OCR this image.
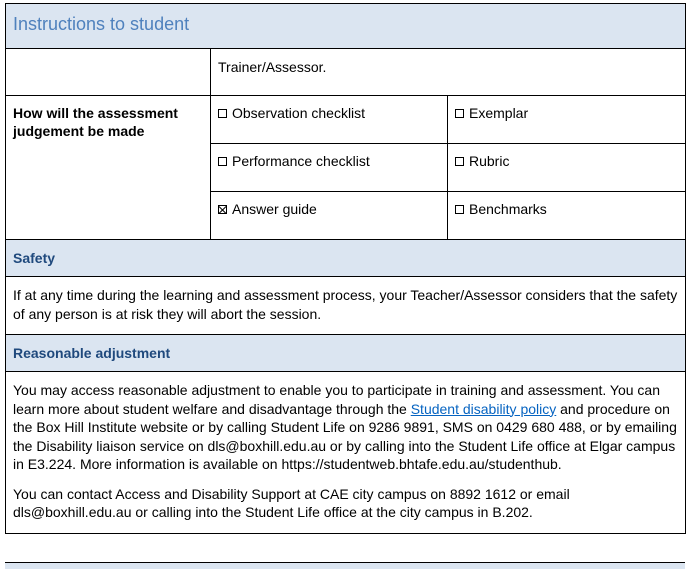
Instructions to student		
	Trainer/Assessor.	
How will the assessment judgement be made	Observation checklist	Exemplar
	Performance checklist	Rubric
	Answer guide	Benchmarks
Safety		

If at any time during the learning and assessment process, your Teacher/Assessor considers that the safety of any person is at risk they will abort the session.		

Reasonable adjustment		

You may access reasonable adjustment to enable you to participate in training and assessment. You can learn more about student welfare and disadvantage through the Student disability policy and procedure on the Box Hill Institute website or by calling Student Life on 9286 9891, SMS on 0429 680 488, or by emailing the Disability liaison service on dls@boxhill.edu.au or by calling into the Student Life office at Elgar campus in E3.224. More information is available on https://studentweb.bhtafe.edu.au/studenthub.

You can contact Access and Disability Support at CAE city campus on 8892 1612 or email dls@boxhill.edu.au or calling into the Student Life office at the city campus in B.202.		
